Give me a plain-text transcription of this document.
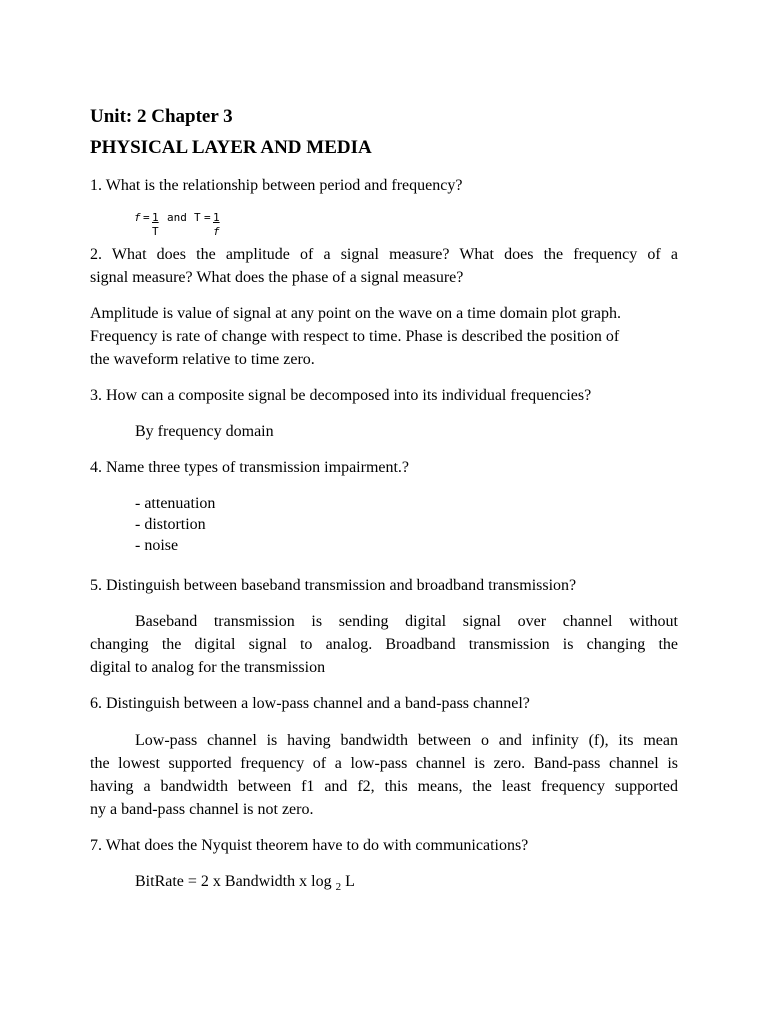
Unit: 2 Chapter 3
PHYSICAL LAYER AND MEDIA
1. What is the relationship between period and frequency?
f = 1
T
and T = 1
f
2. What does the amplitude of a signal measure? What does the frequency of a
signal measure? What does the phase of a signal measure?
Amplitude is value of signal at any point on the wave on a time domain plot graph.
Frequency is rate of change with respect to time. Phase is described the position of
the waveform relative to time zero.
3. How can a composite signal be decomposed into its individual frequencies?
By frequency domain
4. Name three types of transmission impairment.?
- attenuation
- distortion
- noise
5. Distinguish between baseband transmission and broadband transmission?
Baseband transmission is sending digital signal over channel without
changing the digital signal to analog. Broadband transmission is changing the
digital to analog for the transmission
6. Distinguish between a low-pass channel and a band-pass channel?
Low-pass channel is having bandwidth between o and infinity (f), its mean
the lowest supported frequency of a low-pass channel is zero. Band-pass channel is
having a bandwidth between f1 and f2, this means, the least frequency supported
ny a band-pass channel is not zero.
7. What does the Nyquist theorem have to do with communications?
BitRate = 2 x Bandwidth x log $_2$ L
